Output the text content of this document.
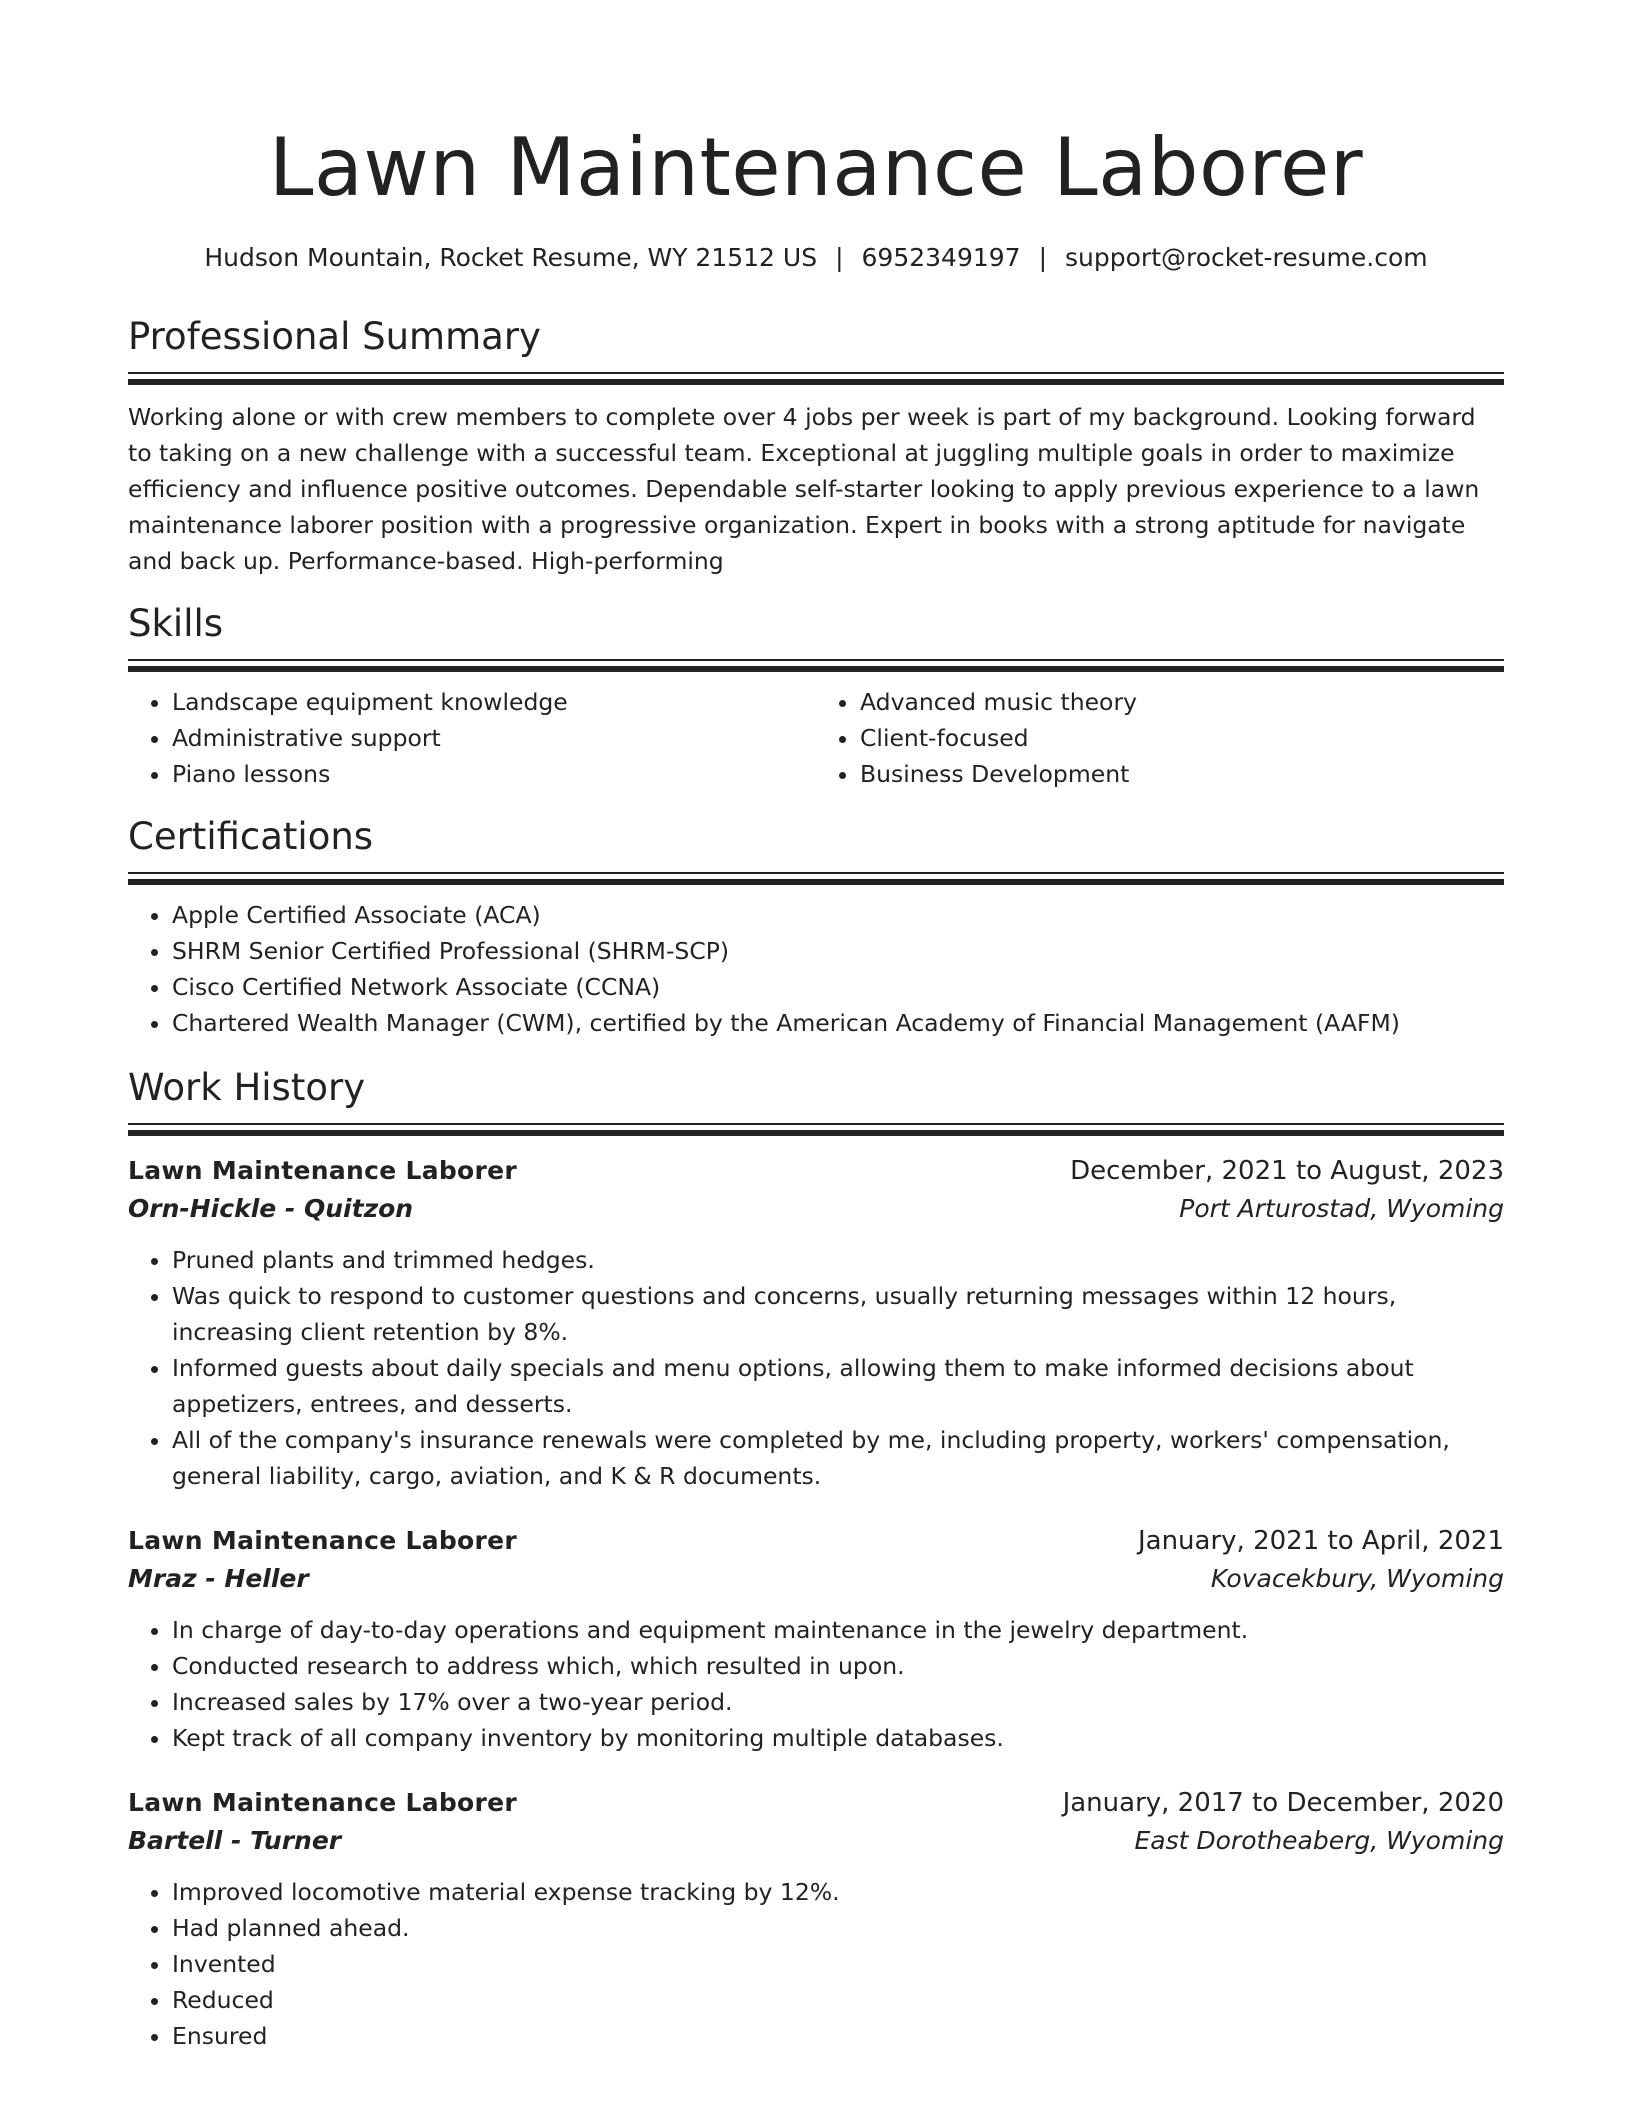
Lawn Maintenance Laborer
Hudson Mountain, Rocket Resume, WY 21512 US | 6952349197 | support@rocket-resume.com
Professional Summary
Working alone or with crew members to complete over 4 jobs per week is part of my background. Looking forward to taking on a new challenge with a successful team. Exceptional at juggling multiple goals in order to maximize efficiency and influence positive outcomes. Dependable self-starter looking to apply previous experience to a lawn maintenance laborer position with a progressive organization. Expert in books with a strong aptitude for navigate and back up. Performance-based. High-performing
Skills
• Landscape equipment knowledge
• Administrative support
• Piano lessons
• Advanced music theory
• Client-focused
• Business Development
Certifications
• Apple Certified Associate (ACA)
• SHRM Senior Certified Professional (SHRM-SCP)
• Cisco Certified Network Associate (CCNA)
• Chartered Wealth Manager (CWM), certified by the American Academy of Financial Management (AAFM)
Work History
Lawn Maintenance Laborer	December, 2021 to August, 2023
Orn-Hickle - Quitzon	Port Arturostad, Wyoming
• Pruned plants and trimmed hedges.
• Was quick to respond to customer questions and concerns, usually returning messages within 12 hours, increasing client retention by 8%.
• Informed guests about daily specials and menu options, allowing them to make informed decisions about appetizers, entrees, and desserts.
• All of the company's insurance renewals were completed by me, including property, workers' compensation, general liability, cargo, aviation, and K & R documents.
Lawn Maintenance Laborer	January, 2021 to April, 2021
Mraz - Heller	Kovacekbury, Wyoming
• In charge of day-to-day operations and equipment maintenance in the jewelry department.
• Conducted research to address which, which resulted in upon.
• Increased sales by 17% over a two-year period.
• Kept track of all company inventory by monitoring multiple databases.
Lawn Maintenance Laborer	January, 2017 to December, 2020
Bartell - Turner	East Dorotheaberg, Wyoming
• Improved locomotive material expense tracking by 12%.
• Had planned ahead.
• Invented
• Reduced
• Ensured
